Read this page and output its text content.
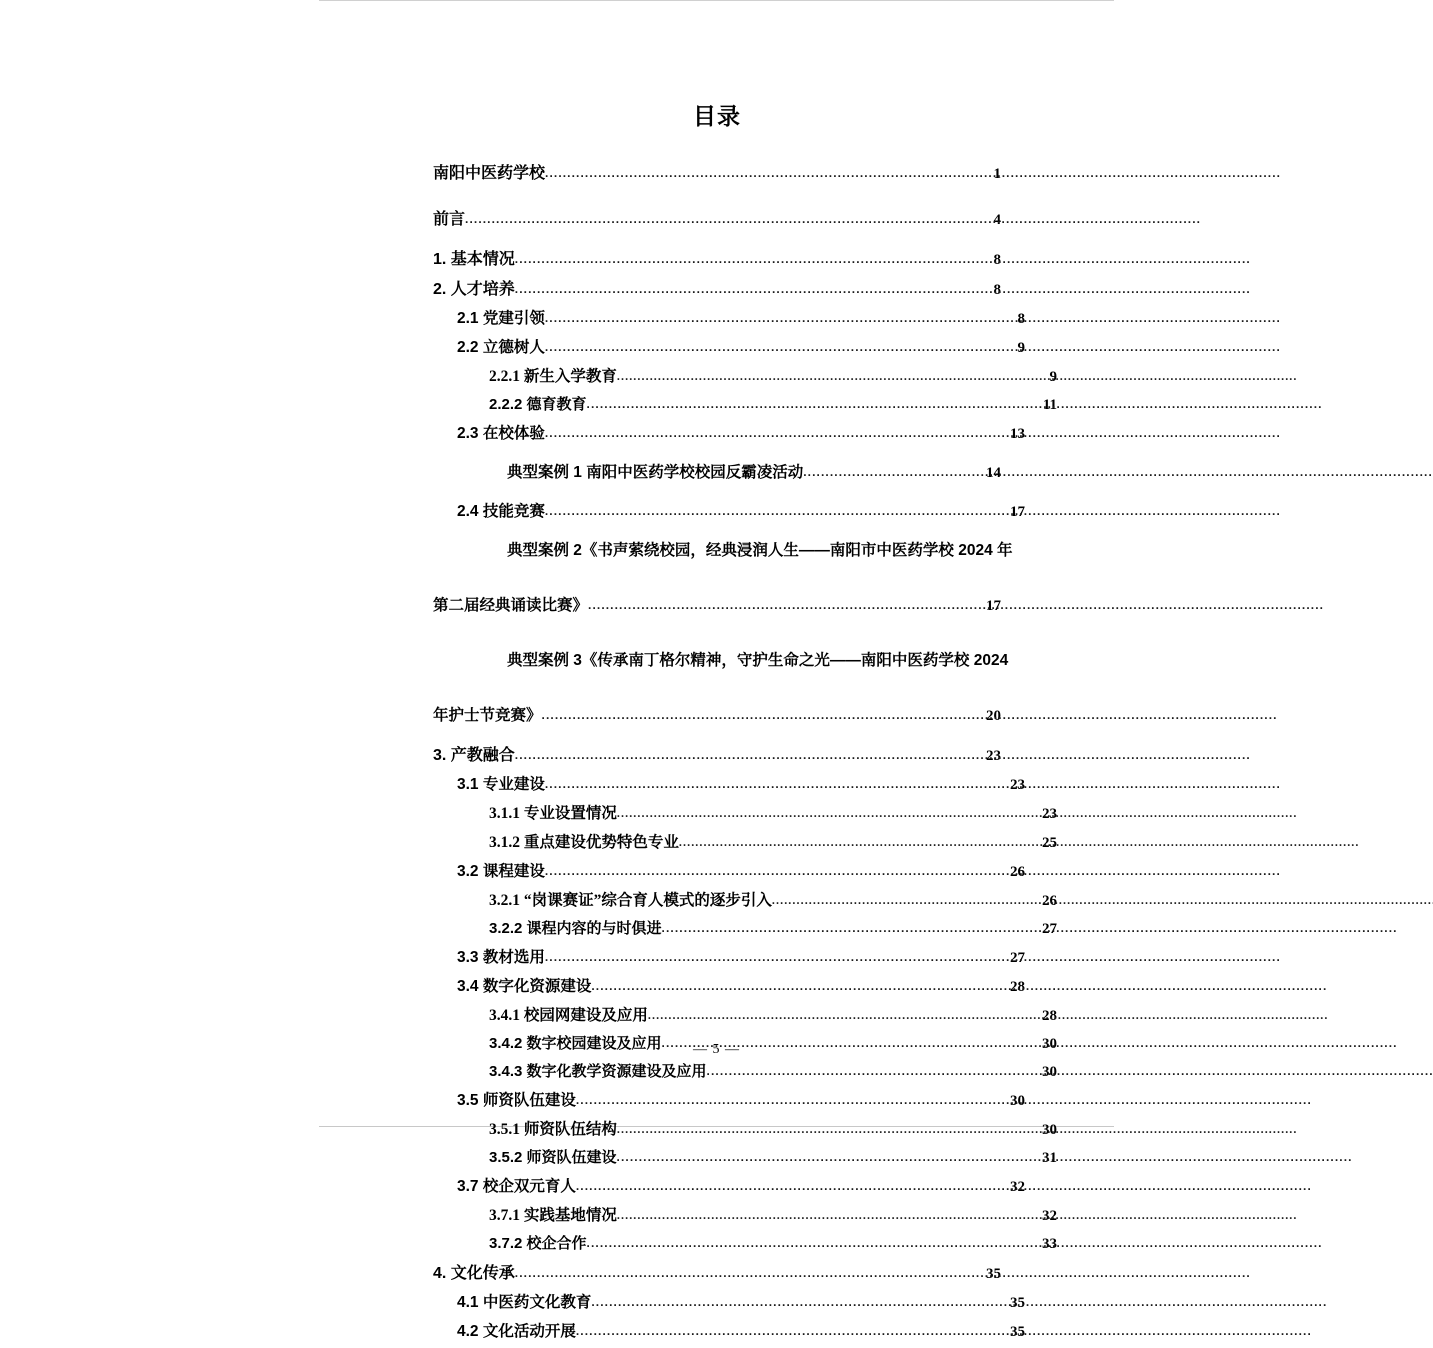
目录
南阳中医药学校 .....	1
前言 .....	4
1. 基本情况 .....	8
2. 人才培养 .....	8
2.1 党建引领 .....	8
2.2 立德树人 .....	9
2.2.1 新生入学教育 .....	9
2.2.2 德育教育 .....	11
2.3 在校体验 .....	13
典型案例 1 南阳中医药学校校园反霸凌活动 .....	14
2.4 技能竞赛 .....	17
典型案例 2《书声萦绕校园，经典浸润人生——南阳市中医药学校 2024 年
第二届经典诵读比赛》 .....	17
典型案例 3《传承南丁格尔精神，守护生命之光——南阳中医药学校 2024
年护士节竞赛》 .....	20
3. 产教融合 .....	23
3.1 专业建设 .....	23
3.1.1 专业设置情况 .....	23
3.1.2 重点建设优势特色专业 .....	25
3.2 课程建设 .....	26
3.2.1 “岗课赛证”综合育人模式的逐步引入 .....	26
3.2.2 课程内容的与时俱进 .....	27
3.3 教材选用 .....	27
3.4 数字化资源建设 .....	28
3.4.1 校园网建设及应用 .....	28
3.4.2 数字校园建设及应用 .....	30
3.4.3 数字化教学资源建设及应用 .....	30
3.5 师资队伍建设 .....	30
3.5.1 师资队伍结构 .....	30
3.5.2 师资队伍建设 .....	31
3.7 校企双元育人 .....	32
3.7.1 实践基地情况 .....	32
3.7.2 校企合作 .....	33
4. 文化传承 .....	35
4.1 中医药文化教育 .....	35
4.2 文化活动开展 .....	35
— 5 —
